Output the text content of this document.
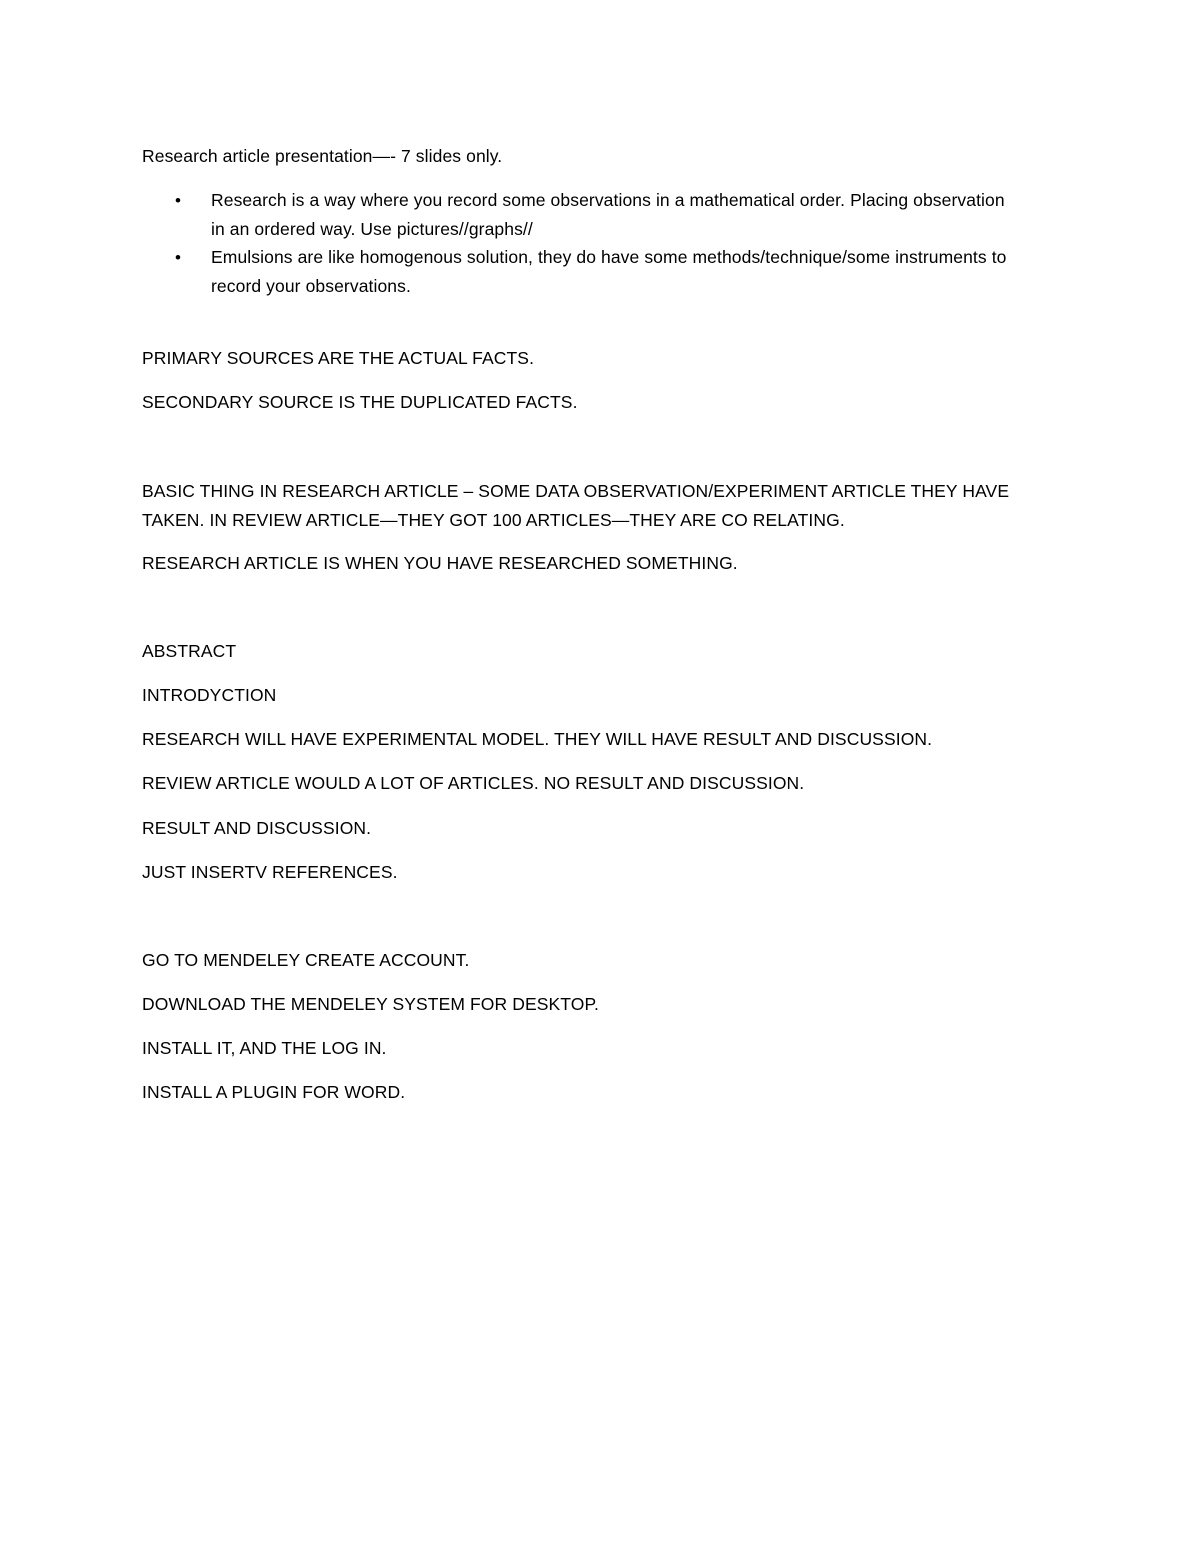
Research article presentation—- 7 slides only.
• Research is a way where you record some observations in a mathematical order. Placing observation in an ordered way. Use pictures//graphs//
• Emulsions are like homogenous solution, they do have some methods/technique/some instruments to record your observations.
PRIMARY SOURCES ARE THE ACTUAL FACTS.
SECONDARY SOURCE IS THE DUPLICATED FACTS.
BASIC THING IN RESEARCH ARTICLE – SOME DATA OBSERVATION/EXPERIMENT ARTICLE THEY HAVE TAKEN. IN REVIEW ARTICLE—THEY GOT 100 ARTICLES—THEY ARE CO RELATING.
RESEARCH ARTICLE IS WHEN YOU HAVE RESEARCHED SOMETHING.
ABSTRACT
INTRODYCTION
RESEARCH WILL HAVE EXPERIMENTAL MODEL. THEY WILL HAVE RESULT AND DISCUSSION.
REVIEW ARTICLE WOULD A LOT OF ARTICLES. NO RESULT AND DISCUSSION.
RESULT AND DISCUSSION.
JUST INSERTV REFERENCES.
GO TO MENDELEY CREATE ACCOUNT.
DOWNLOAD THE MENDELEY SYSTEM FOR DESKTOP.
INSTALL IT, AND THE LOG IN.
INSTALL A PLUGIN FOR WORD.
